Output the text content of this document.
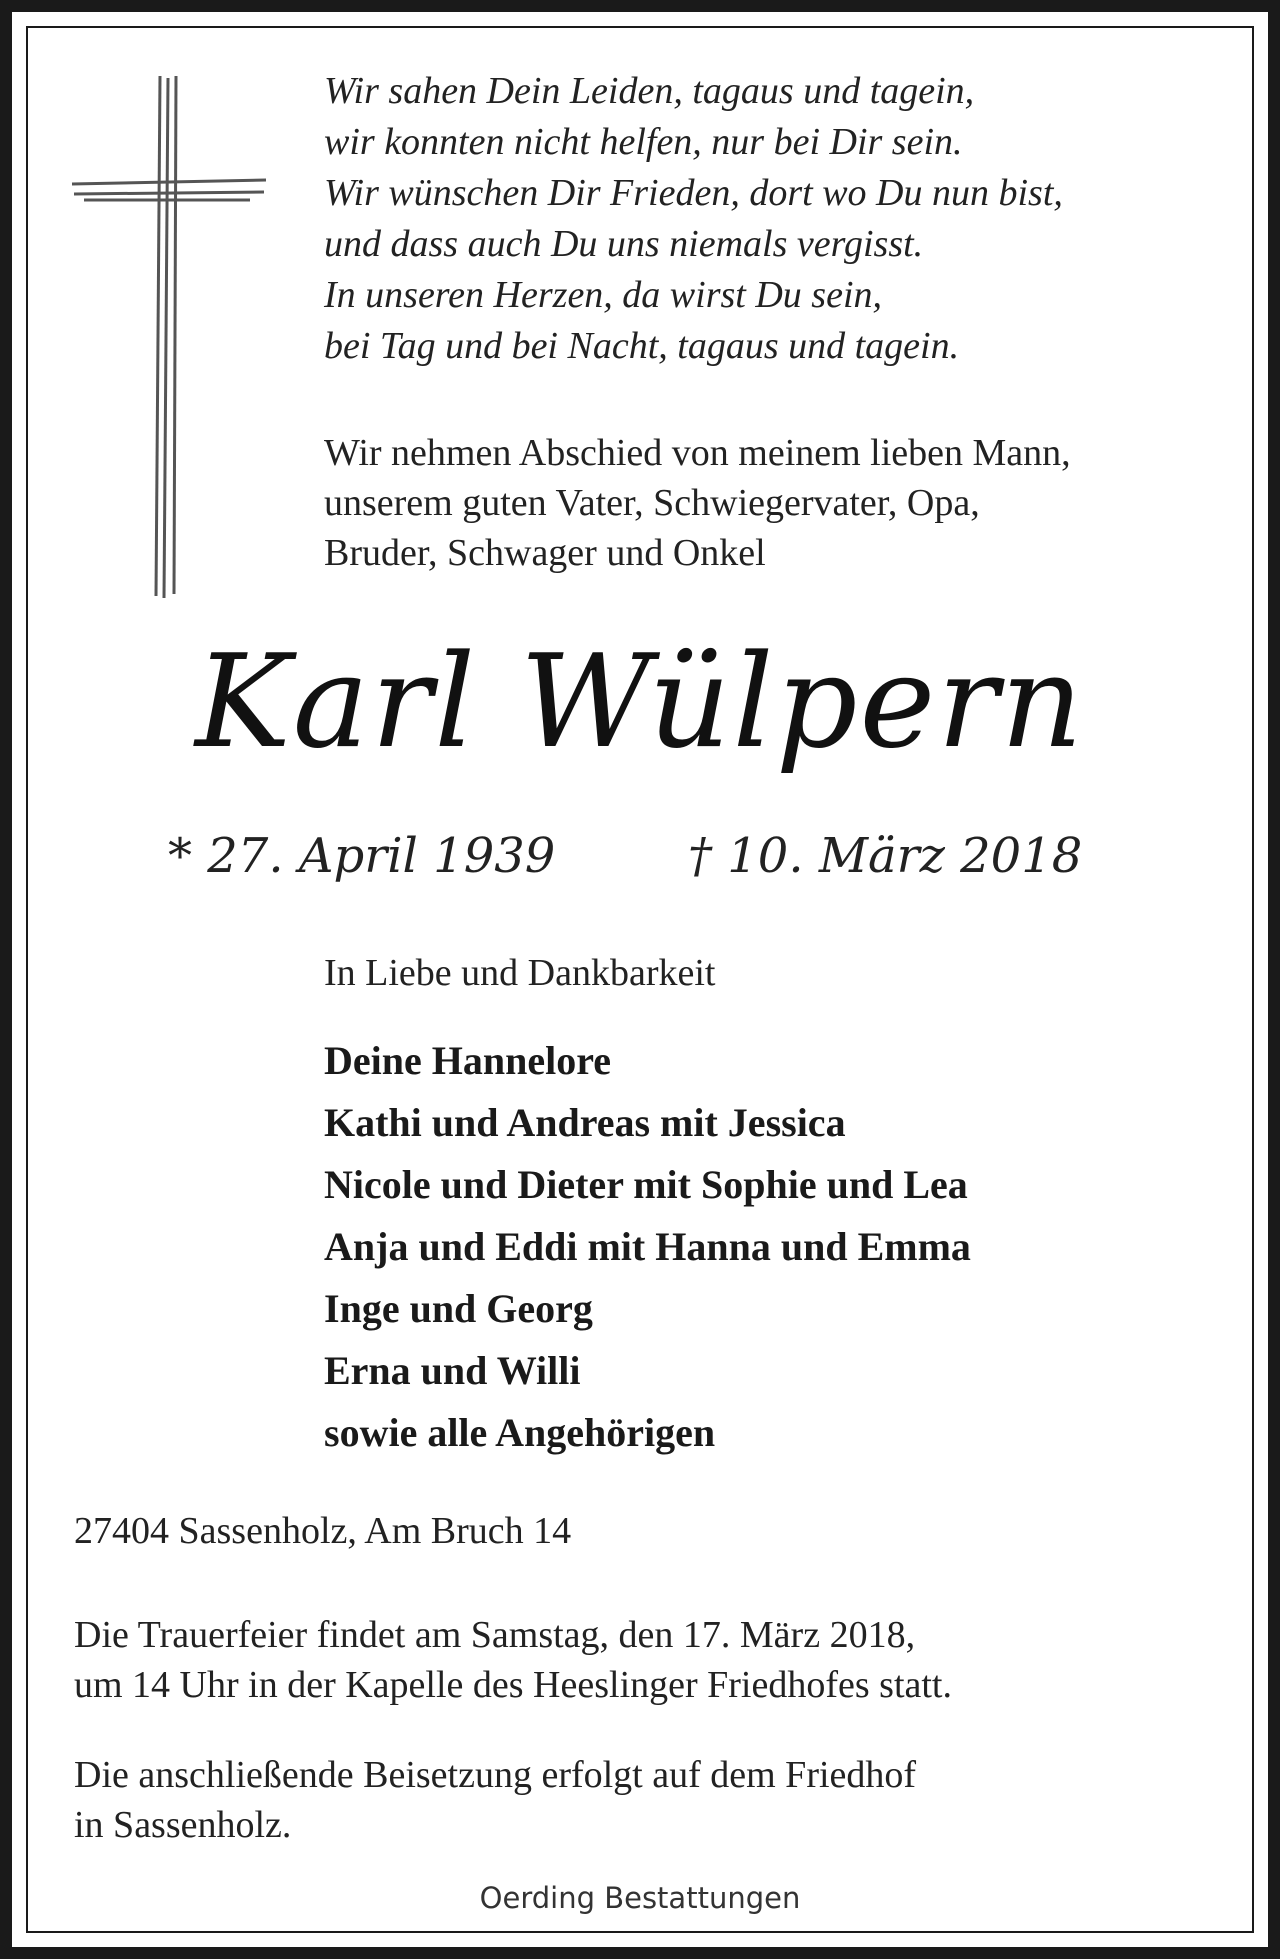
Wir sahen Dein Leiden, tagaus und tagein,
wir konnten nicht helfen, nur bei Dir sein.
Wir wünschen Dir Frieden, dort wo Du nun bist,
und dass auch Du uns niemals vergisst.
In unseren Herzen, da wirst Du sein,
bei Tag und bei Nacht, tagaus und tagein.
Wir nehmen Abschied von meinem lieben Mann,
unserem guten Vater, Schwiegervater, Opa,
Bruder, Schwager und Onkel
Karl Wülpern
* 27. April 1939	† 10. März 2018
In Liebe und Dankbarkeit
Deine Hannelore
Kathi und Andreas mit Jessica
Nicole und Dieter mit Sophie und Lea
Anja und Eddi mit Hanna und Emma
Inge und Georg
Erna und Willi
sowie alle Angehörigen
27404 Sassenholz, Am Bruch 14
Die Trauerfeier findet am Samstag, den 17. März 2018,
um 14 Uhr in der Kapelle des Heeslinger Friedhofes statt.
Die anschließende Beisetzung erfolgt auf dem Friedhof
in Sassenholz.
Oerding Bestattungen
